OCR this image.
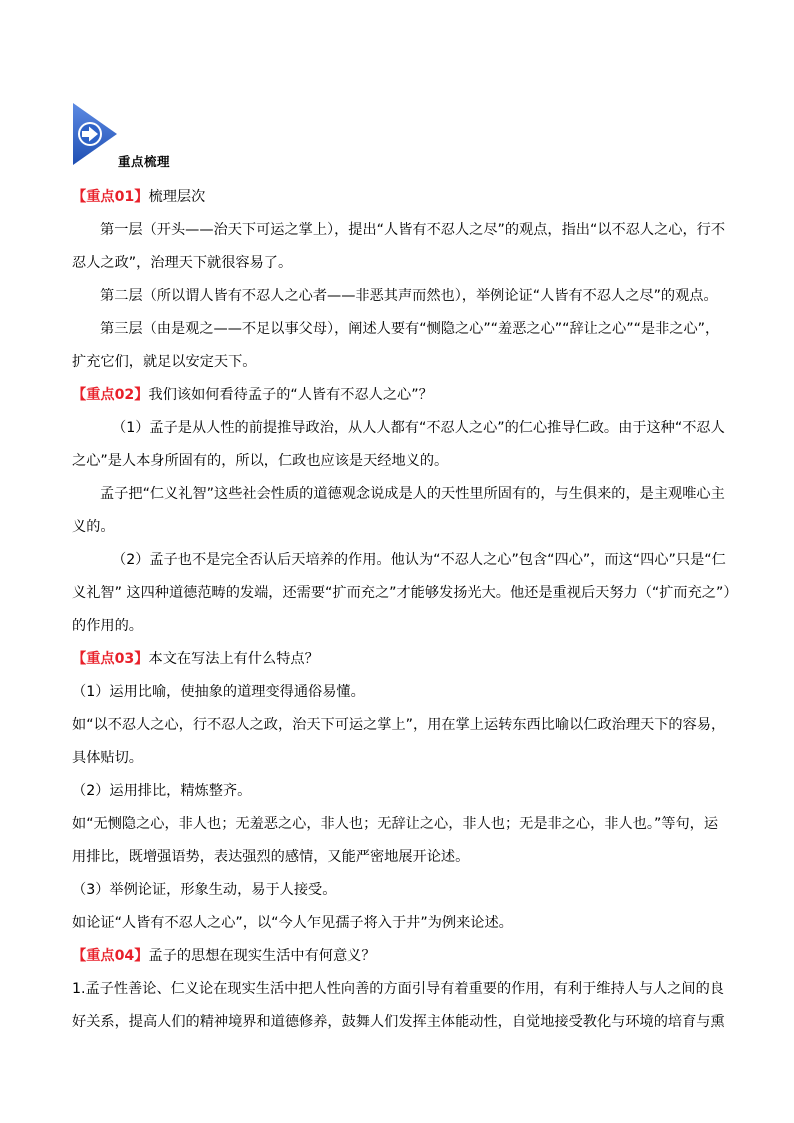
重点梳理

【重点01】梳理层次

第一层（开头——治天下可运之掌上），提出“人皆有不忍人之尽”的观点，指出“以不忍人之心，行不忍人之政”，治理天下就很容易了。

第二层（所以谓人皆有不忍人之心者——非恶其声而然也），举例论证“人皆有不忍人之尽”的观点。

第三层（由是观之——不足以事父母），阐述人要有“恻隐之心”“羞恶之心”“辞让之心”“是非之心”，扩充它们，就足以安定天下。

【重点02】我们该如何看待孟子的“人皆有不忍人之心”？

（1）孟子是从人性的前提推导政治，从人人都有“不忍人之心”的仁心推导仁政。由于这种“不忍人之心”是人本身所固有的，所以，仁政也应该是天经地义的。

孟子把“仁义礼智”这些社会性质的道德观念说成是人的天性里所固有的，与生俱来的，是主观唯心主义的。

（2）孟子也不是完全否认后天培养的作用。他认为“不忍人之心”包含“四心”，而这“四心”只是“仁义礼智” 这四种道德范畴的发端，还需要“扩而充之”才能够发扬光大。他还是重视后天努力（“扩而充之”）的作用的。

【重点03】本文在写法上有什么特点？

（1）运用比喻，使抽象的道理变得通俗易懂。

如“以不忍人之心，行不忍人之政，治天下可运之掌上”，用在掌上运转东西比喻以仁政治理天下的容易，具体贴切。

（2）运用排比，精炼整齐。

如“无恻隐之心，非人也；无羞恶之心，非人也；无辞让之心，非人也；无是非之心，非人也。”等句，运用排比，既增强语势，表达强烈的感情，又能严密地展开论述。

（3）举例论证，形象生动，易于人接受。

如论证“人皆有不忍人之心”，以“今人乍见孺子将入于井”为例来论述。

【重点04】孟子的思想在现实生活中有何意义？

1.孟子性善论、仁义论在现实生活中把人性向善的方面引导有着重要的作用，有利于维持人与人之间的良好关系，提高人们的精神境界和道德修养，鼓舞人们发挥主体能动性，自觉地接受教化与环境的培育与熏
